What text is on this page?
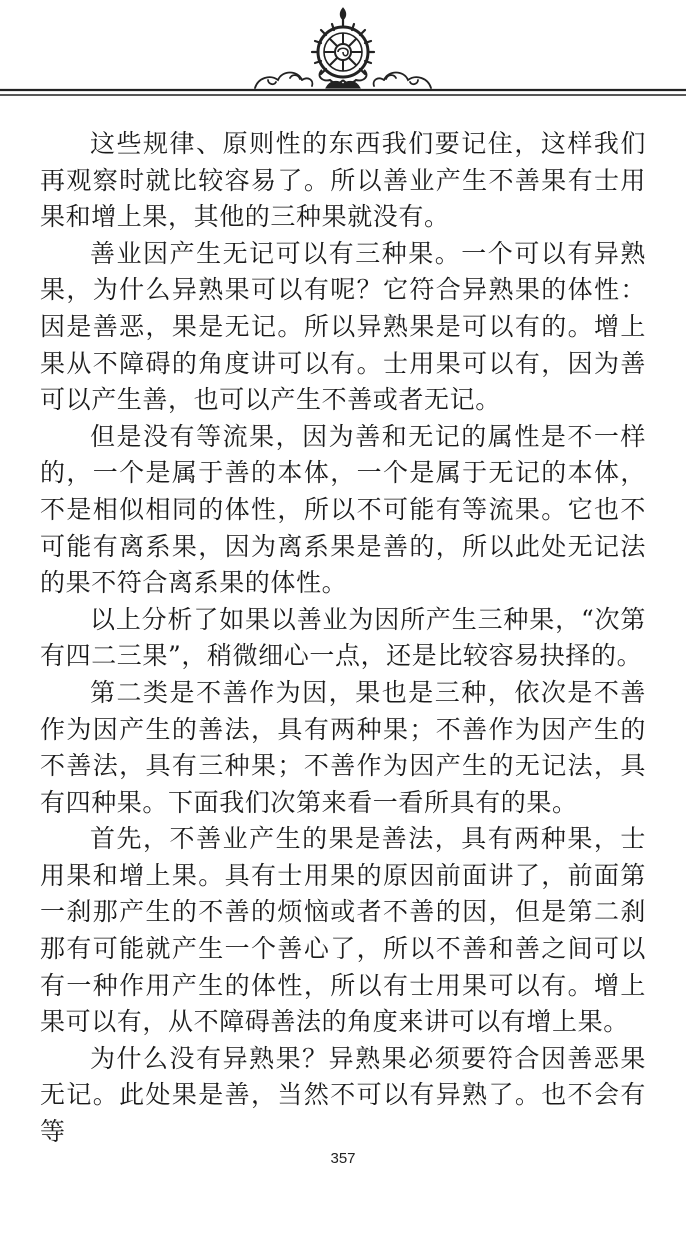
这些规律、原则性的东西我们要记住，这样我们再观察时就比较容易了。所以善业产生不善果有士用果和增上果，其他的三种果就没有。

善业因产生无记可以有三种果。一个可以有异熟果，为什么异熟果可以有呢？它符合异熟果的体性：因是善恶，果是无记。所以异熟果是可以有的。增上果从不障碍的角度讲可以有。士用果可以有，因为善可以产生善，也可以产生不善或者无记。

但是没有等流果，因为善和无记的属性是不一样的，一个是属于善的本体，一个是属于无记的本体，不是相似相同的体性，所以不可能有等流果。它也不可能有离系果，因为离系果是善的，所以此处无记法的果不符合离系果的体性。

以上分析了如果以善业为因所产生三种果，“次第有四二三果”，稍微细心一点，还是比较容易抉择的。

第二类是不善作为因，果也是三种，依次是不善作为因产生的善法，具有两种果；不善作为因产生的不善法，具有三种果；不善作为因产生的无记法，具有四种果。下面我们次第来看一看所具有的果。

首先，不善业产生的果是善法，具有两种果，士用果和增上果。具有士用果的原因前面讲了，前面第一刹那产生的不善的烦恼或者不善的因，但是第二刹那有可能就产生一个善心了，所以不善和善之间可以有一种作用产生的体性，所以有士用果可以有。增上果可以有，从不障碍善法的角度来讲可以有增上果。

为什么没有异熟果？异熟果必须要符合因善恶果无记。此处果是善，当然不可以有异熟了。也不会有等

357
